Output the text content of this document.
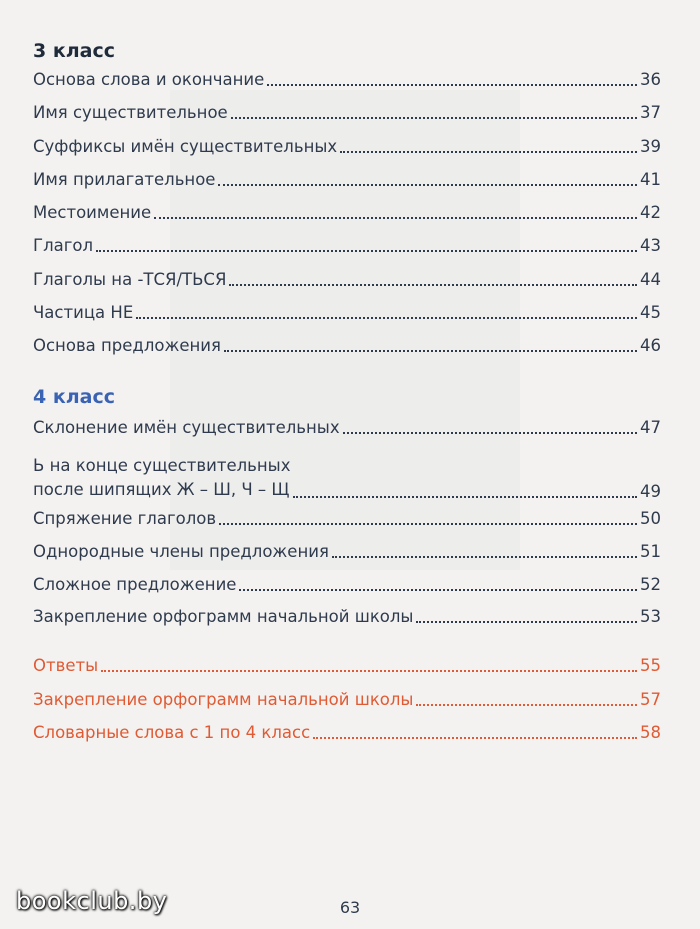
3 класс
Основа слова и окончание	36
Имя существительное	37
Суффиксы имён существительных	39
Имя прилагательное	41
Местоимение	42
Глагол	43
Глаголы на -ТСЯ/ТЬСЯ	44
Частица НЕ	45
Основа предложения	46
4 класс
Склонение имён существительных	47
Ь на конце существительных
после шипящих Ж – Ш, Ч – Щ	49
Спряжение глаголов	50
Однородные члены предложения	51
Сложное предложение	52
Закрепление орфограмм начальной школы	53
Ответы	55
Закрепление орфограмм начальной школы	57
Словарные слова с 1 по 4 класс	58
63
bookclub.by
